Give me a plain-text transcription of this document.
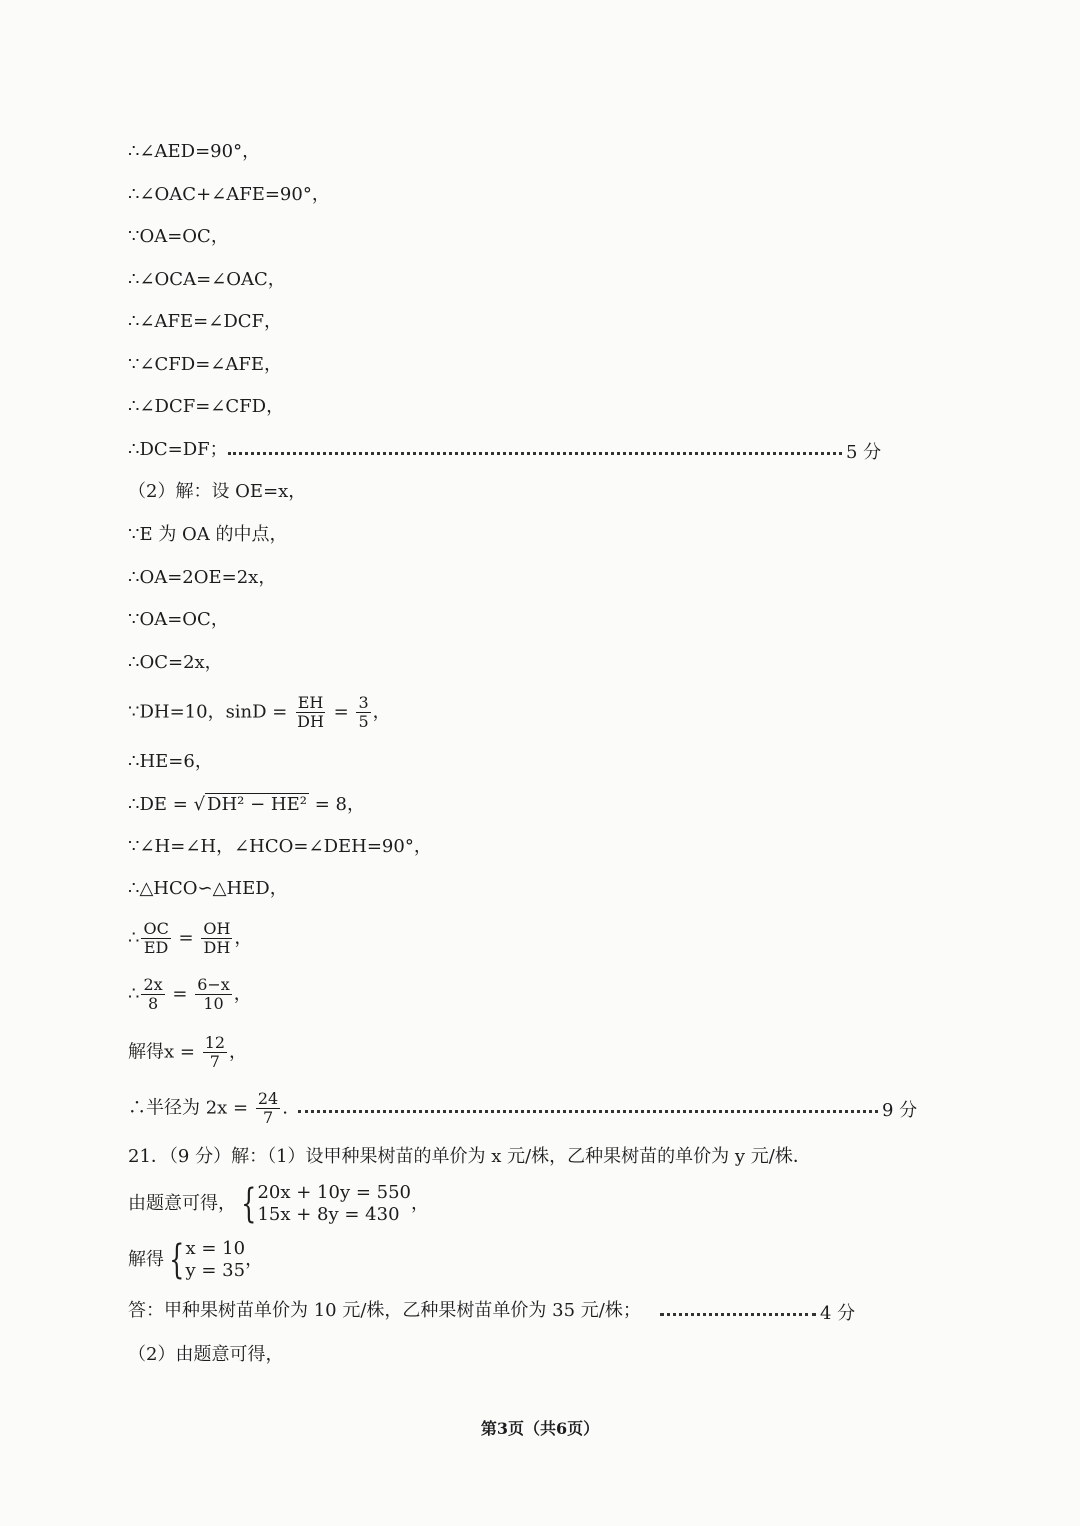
∴∠AED=90°，
∴∠OAC+∠AFE=90°，
∵OA=OC，
∴∠OCA=∠OAC，
∴∠AFE=∠DCF，
∵∠CFD=∠AFE，
∴∠DCF=∠CFD，
∴DC=DF；	5 分
（2）解：设 OE=x，
∵E 为 OA 的中点，
∴OA=2OE=2x，
∵OA=OC，
∴OC=2x，
∵DH=10，$\sin D = \frac{EH}{DH} = \frac{3}{5}$ ，
∴HE=6，
∴DE = √ DH² − HE² = 8，
∵∠H=∠H，∠HCO=∠DEH=90°，
∴△HCO∽△HED，
∴ $\frac{OC}{ED} = \frac{OH}{DH}$ ，
∴ $\frac{2x}{8} = \frac{6-x}{10}$ ，
解得$x = \frac{12}{7}$ ，
∴半径为 $2x = \frac{24}{7}$ .	9 分
21．（9 分）解：（1）设甲种果树苗的单价为 x 元/株，乙种果树苗的单价为 y 元/株．
由题意可得， { 20x + 10y = 550
15x + 8y = 430
，
解得 { x = 10
y = 35
，
答：甲种果树苗单价为 10 元/株，乙种果树苗单价为 35 元/株；	4 分
（2）由题意可得，
第3页（共6页）
